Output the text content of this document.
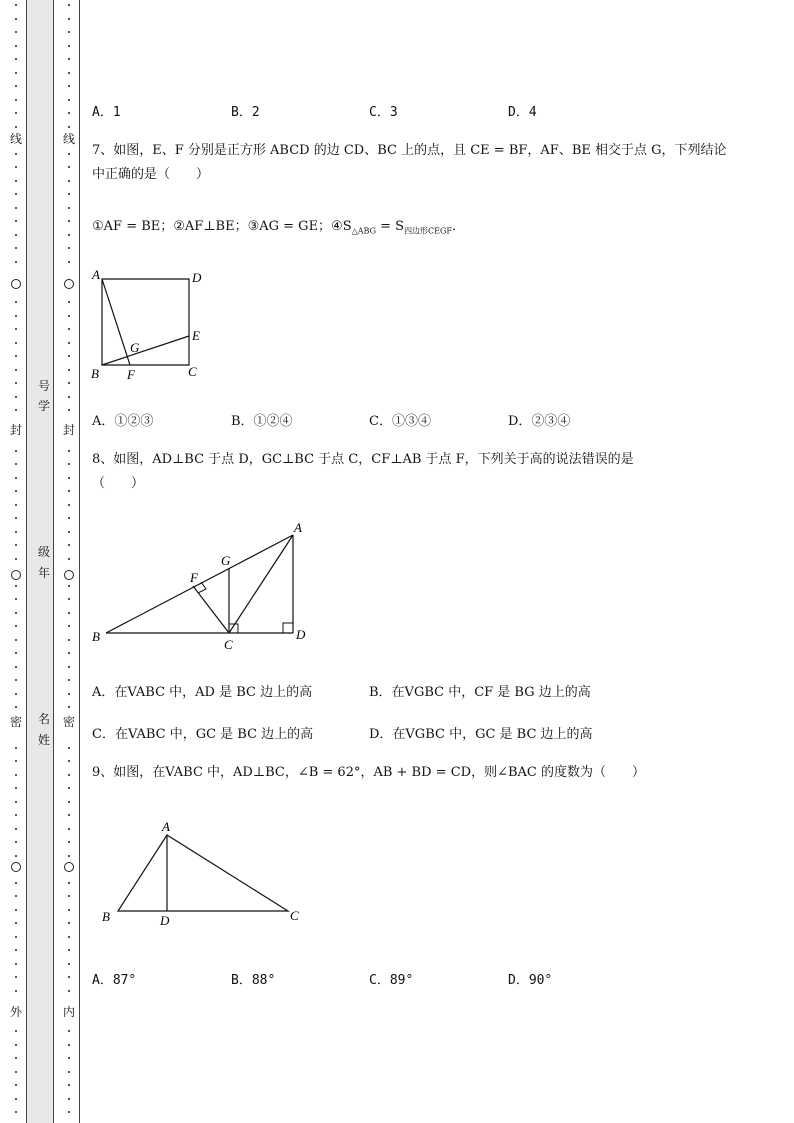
线
封
密
外
号
学
级
年
名
姓
线
封
密
内
A．1	B．2	C．3	D．4
7、如图，E、F 分别是正方形 ABCD 的边 CD、BC 上的点，且 CE = BF，AF、BE 相交于点 G，下列结论
中正确的是（　　）
①AF = BE；②AF⊥BE；③AG = GE；$④S_{\triangle ABG} = S_{四边形CEGF}$．
A	D
E
G
B F	C
A．①②③	B．①②④	C．①③④	D．②③④
8、如图，AD⊥BC 于点 D，GC⊥BC 于点 C，CF⊥AB 于点 F，下列关于高的说法错误的是
（　　）
A
G
F
B
C
D
A．在VABC 中，AD 是 BC 边上的高	B．在VGBC 中，CF 是 BG 边上的高
C．在VABC 中，GC 是 BC 边上的高	D．在VGBC 中，GC 是 BC 边上的高
9、如图，在VABC 中，AD⊥BC，∠B = 62°，AB + BD = CD，则∠BAC 的度数为（　　）
A
B	D	C
A．87°	B．88°	C．89°	D．90°
